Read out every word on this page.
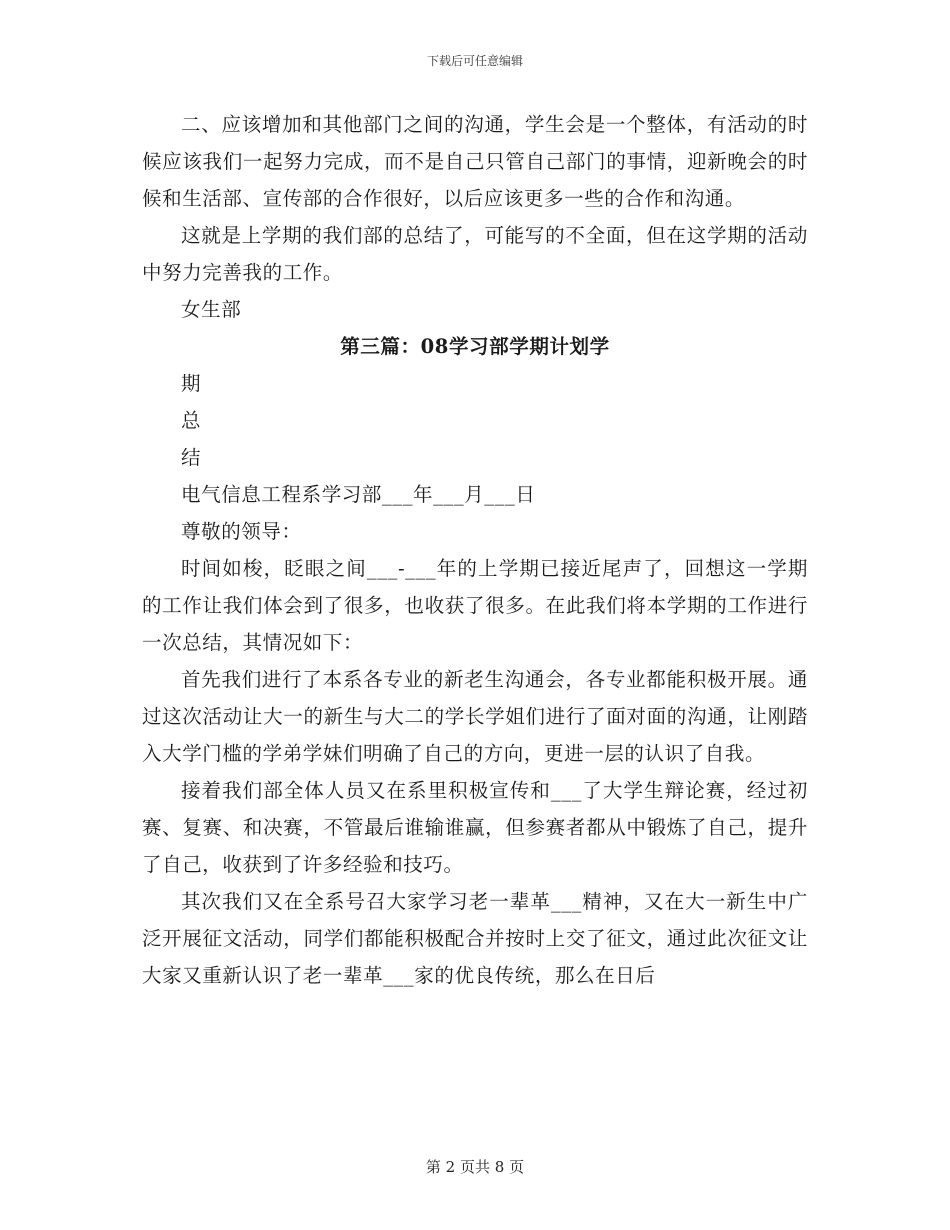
下载后可任意编辑

二、应该增加和其他部门之间的沟通，学生会是一个整体，有活动的时候应该我们一起努力完成，而不是自己只管自己部门的事情，迎新晚会的时候和生活部、宣传部的合作很好，以后应该更多一些的合作和沟通。

这就是上学期的我们部的总结了，可能写的不全面，但在这学期的活动中努力完善我的工作。

女生部

第三篇：08学习部学期计划学

期

总

结

电气信息工程系学习部___年___月___日

尊敬的领导：

时间如梭，眨眼之间___-___年的上学期已接近尾声了，回想这一学期的工作让我们体会到了很多，也收获了很多。在此我们将本学期的工作进行一次总结，其情况如下：

首先我们进行了本系各专业的新老生沟通会，各专业都能积极开展。通过这次活动让大一的新生与大二的学长学姐们进行了面对面的沟通，让刚踏入大学门槛的学弟学妹们明确了自己的方向，更进一层的认识了自我。

接着我们部全体人员又在系里积极宣传和___了大学生辩论赛，经过初赛、复赛、和决赛，不管最后谁输谁赢，但参赛者都从中锻炼了自己，提升了自己，收获到了许多经验和技巧。

其次我们又在全系号召大家学习老一辈革___精神，又在大一新生中广泛开展征文活动，同学们都能积极配合并按时上交了征文，通过此次征文让大家又重新认识了老一辈革___家的优良传统，那么在日后

第 2 页共 8 页
